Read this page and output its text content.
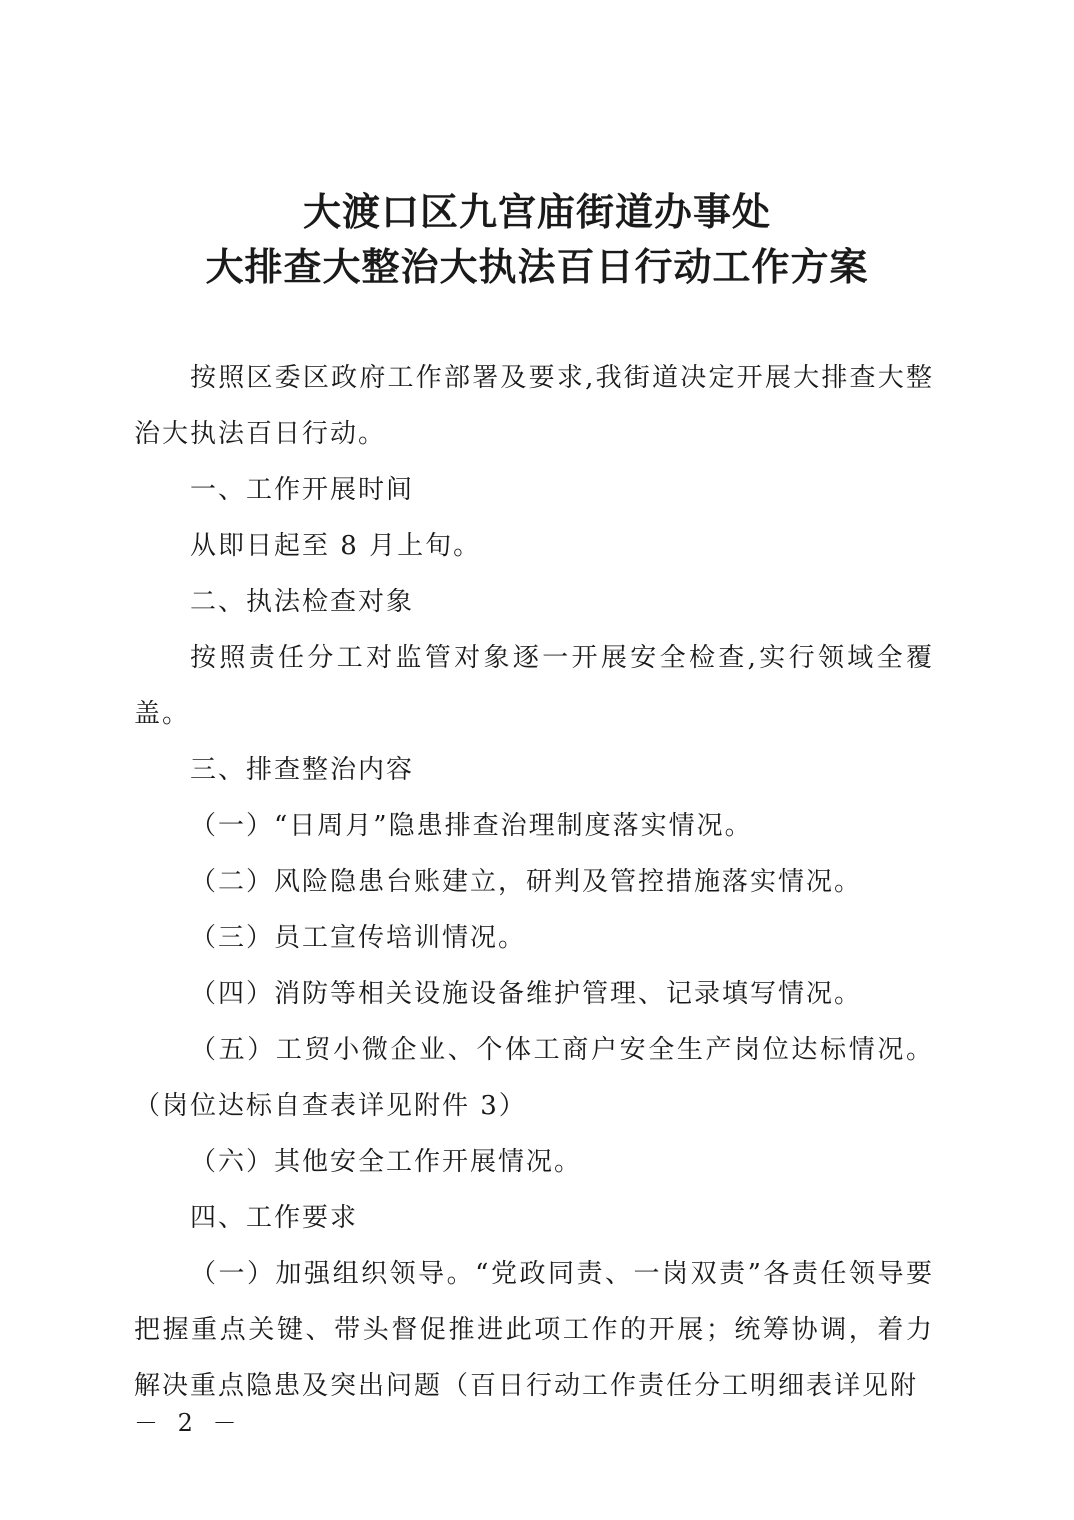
大渡口区九宫庙街道办事处
大排查大整治大执法百日行动工作方案

按照区委区政府工作部署及要求,我街道决定开展大排查大整治大执法百日行动。

一、工作开展时间

从即日起至 8 月上旬。

二、执法检查对象

按照责任分工对监管对象逐一开展安全检查,实行领域全覆盖。

三、排查整治内容

（一）“日周月”隐患排查治理制度落实情况。

（二）风险隐患台账建立，研判及管控措施落实情况。

（三）员工宣传培训情况。

（四）消防等相关设施设备维护管理、记录填写情况。

（五）工贸小微企业、个体工商户安全生产岗位达标情况。（岗位达标自查表详见附件 3）

（六）其他安全工作开展情况。

四、工作要求

（一）加强组织领导。“党政同责、一岗双责”各责任领导要把握重点关键、带头督促推进此项工作的开展；统筹协调，着力解决重点隐患及突出问题（百日行动工作责任分工明细表详见附

－ 2 －
